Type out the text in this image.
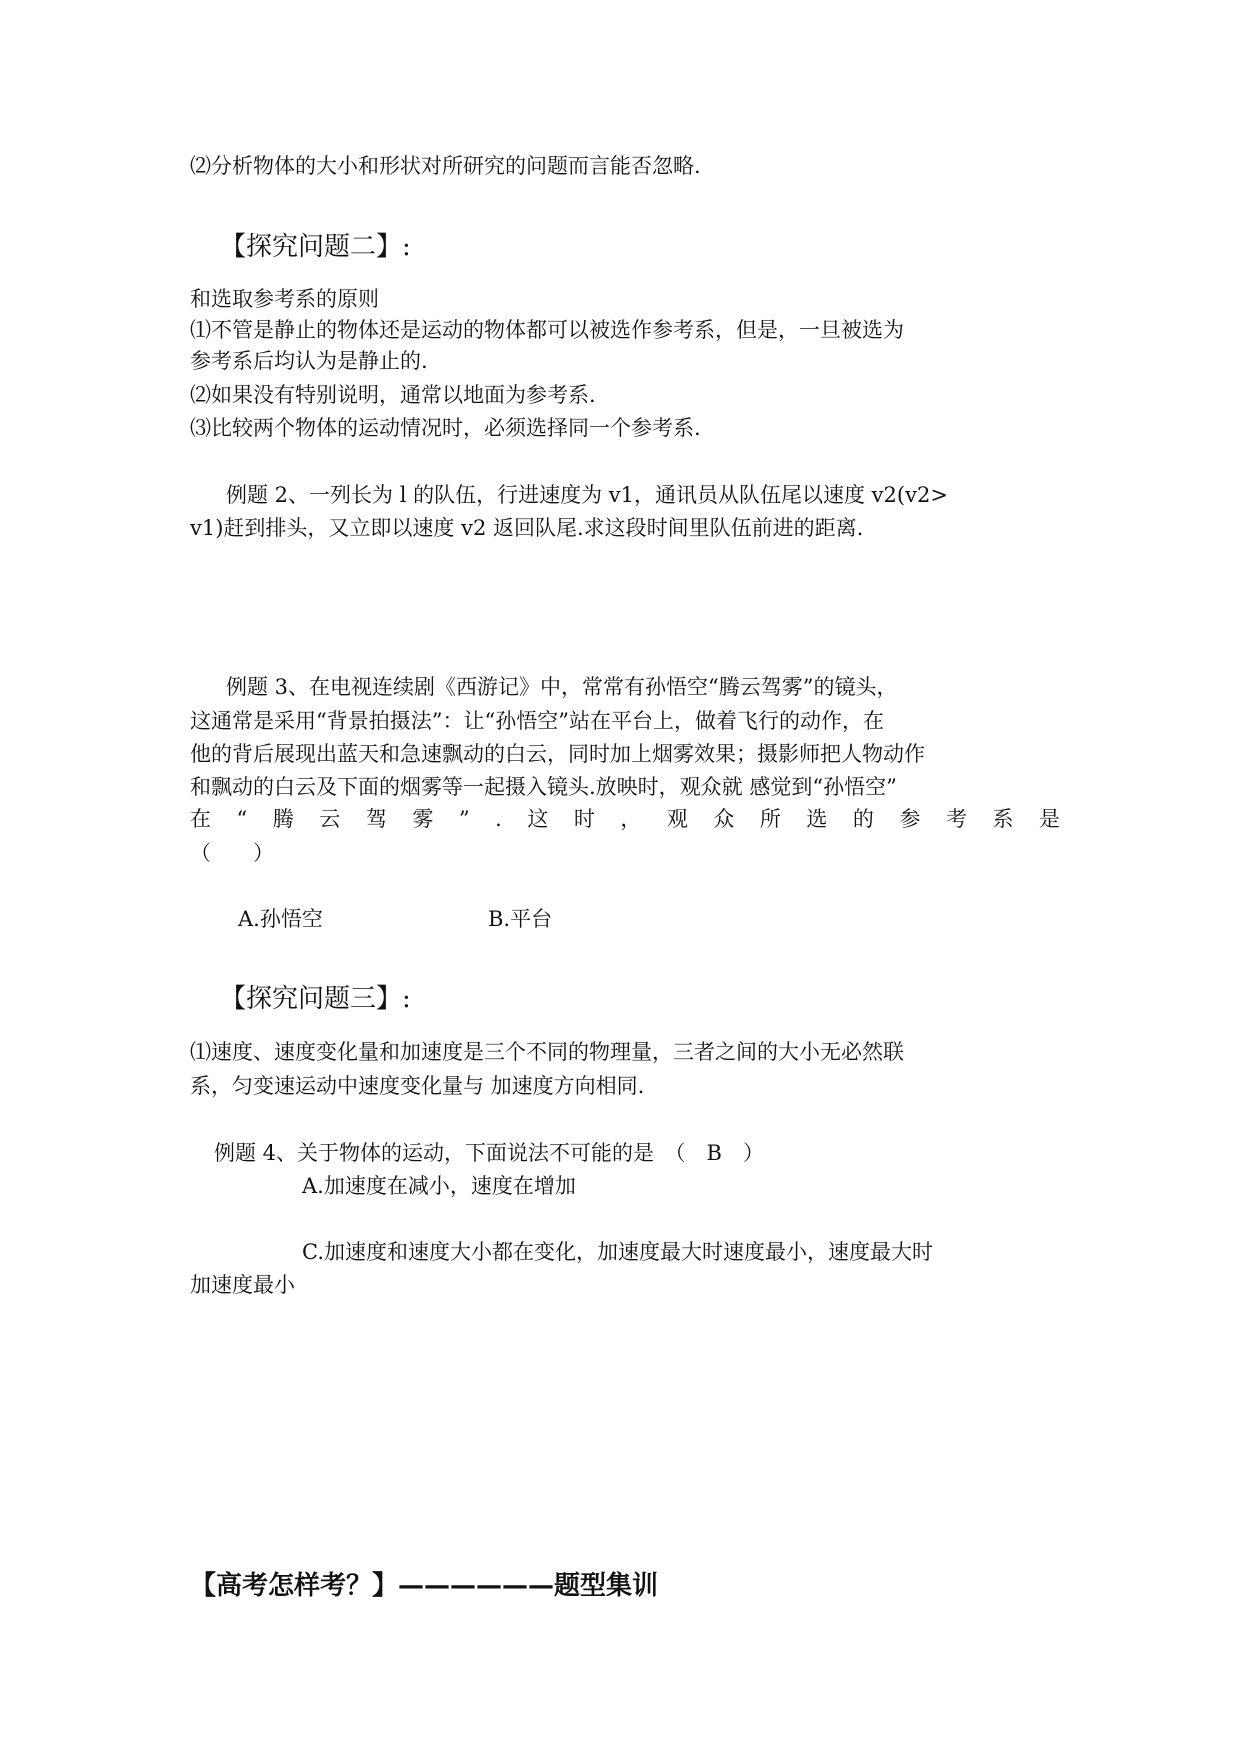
⑵分析物体的大小和形状对所研究的问题而言能否忽略.
【探究问题二】:
和选取参考系的原则
⑴不管是静止的物体还是运动的物体都可以被选作参考系，但是，一旦被选为
参考系后均认为是静止的.
⑵如果没有特别说明，通常以地面为参考系.
⑶比较两个物体的运动情况时，必须选择同一个参考系.
例题 2、一列长为 l 的队伍，行进速度为 v1，通讯员从队伍尾以速度 v2(v2>
v1)赶到排头，又立即以速度 v2 返回队尾.求这段时间里队伍前进的距离.
例题 3、在电视连续剧《西游记》中，常常有孙悟空“腾云驾雾”的镜头，
这通常是采用“背景拍摄法”：让“孙悟空”站在平台上，做着飞行的动作，在
他的背后展现出蓝天和急速飘动的白云，同时加上烟雾效果；摄影师把人物动作
和飘动的白云及下面的烟雾等一起摄入镜头.放映时，观众就 感觉到“孙悟空”
在 “ 腾 云 驾 雾 ” . 这 时 ， 观 众 所 选 的 参 考 系 是
（　　）
A.孙悟空	B.平台
【探究问题三】:
⑴速度、速度变化量和加速度是三个不同的物理量，三者之间的大小无必然联
系，匀变速运动中速度变化量与 加速度方向相同.
例题 4、关于物体的运动，下面说法不可能的是　（　B　）
A.加速度在减小，速度在增加
C.加速度和速度大小都在变化，加速度最大时速度最小，速度最大时
加速度最小
【高考怎样考？】——————题型集训
